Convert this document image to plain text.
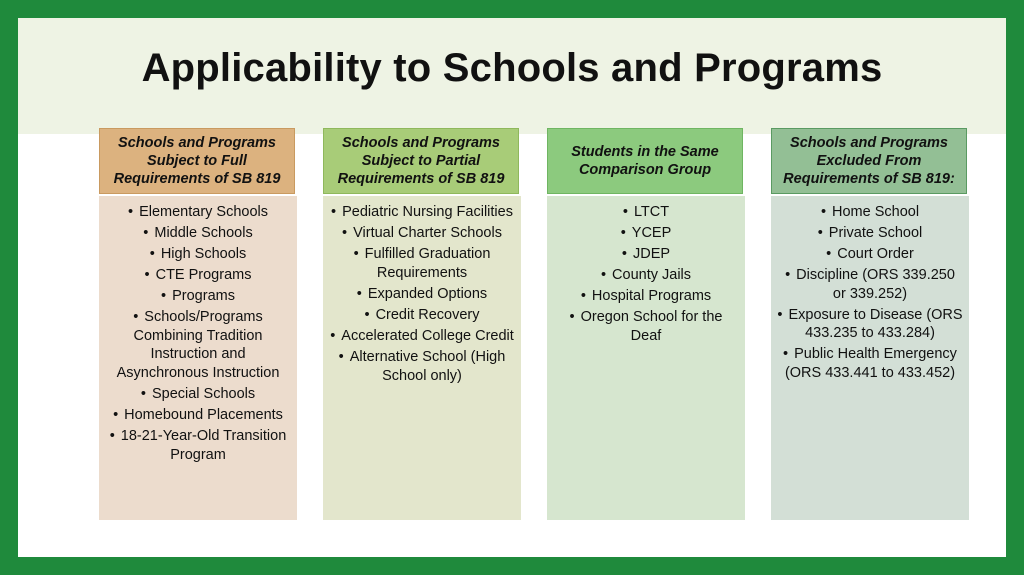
Applicability to Schools and Programs
Schools and Programs Subject to Full Requirements of SB 819
• Elementary Schools
• Middle Schools
• High Schools
• CTE Programs
• Programs
• Schools/Programs Combining Tradition Instruction and Asynchronous Instruction
• Special Schools
• Homebound Placements
• 18-21-Year-Old Transition Program
Schools and Programs Subject to Partial Requirements of SB 819
• Pediatric Nursing Facilities
• Virtual Charter Schools
• Fulfilled Graduation Requirements
• Expanded Options
• Credit Recovery
• Accelerated College Credit
• Alternative School (High School only)
Students in the Same Comparison Group
• LTCT
• YCEP
• JDEP
• County Jails
• Hospital Programs
• Oregon School for the Deaf
Schools and Programs Excluded From Requirements of SB 819:
• Home School
• Private School
• Court Order
• Discipline (ORS 339.250 or 339.252)
• Exposure to Disease (ORS 433.235 to 433.284)
• Public Health Emergency (ORS 433.441 to 433.452)
